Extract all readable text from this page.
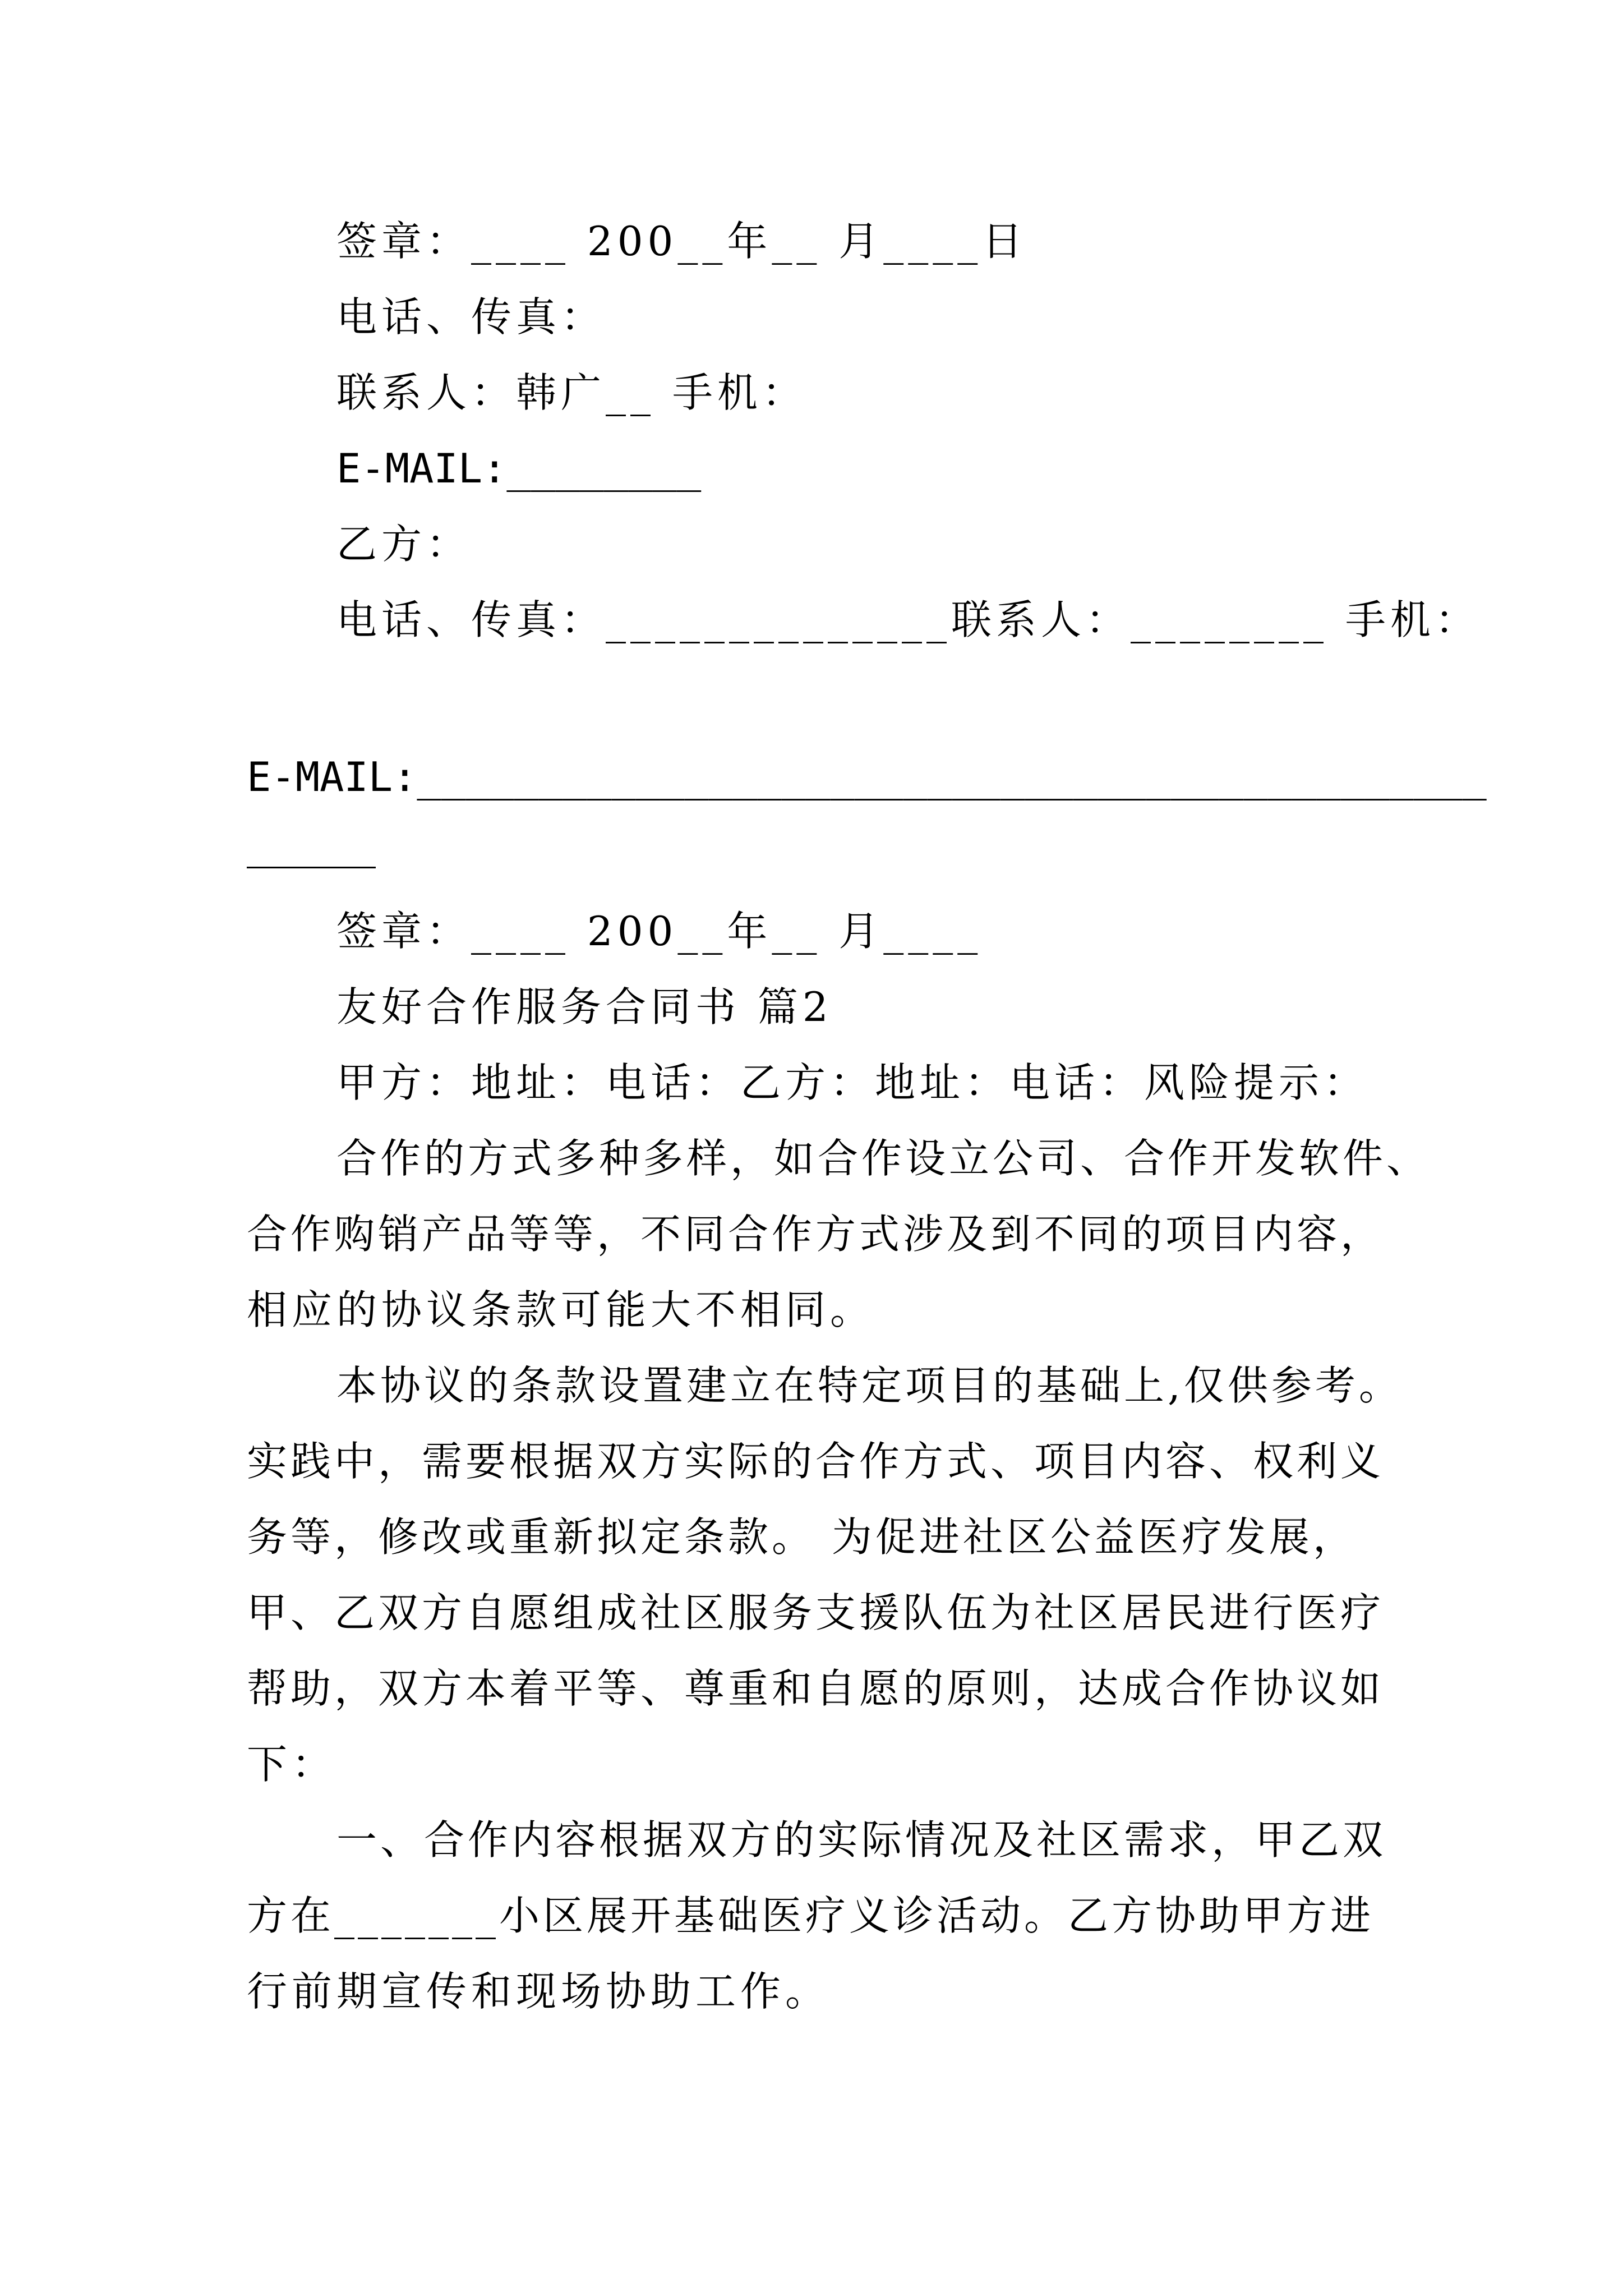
签章：____ 200__年__ 月____日
电话、传真：
联系人：韩广__ 手机：
E-MAIL:________
乙方：
电话、传真：______________联系人：________ 手机：
E-MAIL:____________________________________________
签章：____ 200__年__ 月____
友好合作服务合同书 篇2
甲方：地址：电话：乙方：地址：电话：风险提示：
合作的方式多种多样，如合作设立公司、合作开发软件、
合作购销产品等等，不同合作方式涉及到不同的项目内容，
相应的协议条款可能大不相同。
本协议的条款设置建立在特定项目的基础上,仅供参考。
实践中，需要根据双方实际的合作方式、项目内容、权利义
务等，修改或重新拟定条款。 为促进社区公益医疗发展，
甲、乙双方自愿组成社区服务支援队伍为社区居民进行医疗
帮助，双方本着平等、尊重和自愿的原则，达成合作协议如
下：
一、合作内容根据双方的实际情况及社区需求，甲乙双
方在_______小区展开基础医疗义诊活动。乙方协助甲方进
行前期宣传和现场协助工作。
